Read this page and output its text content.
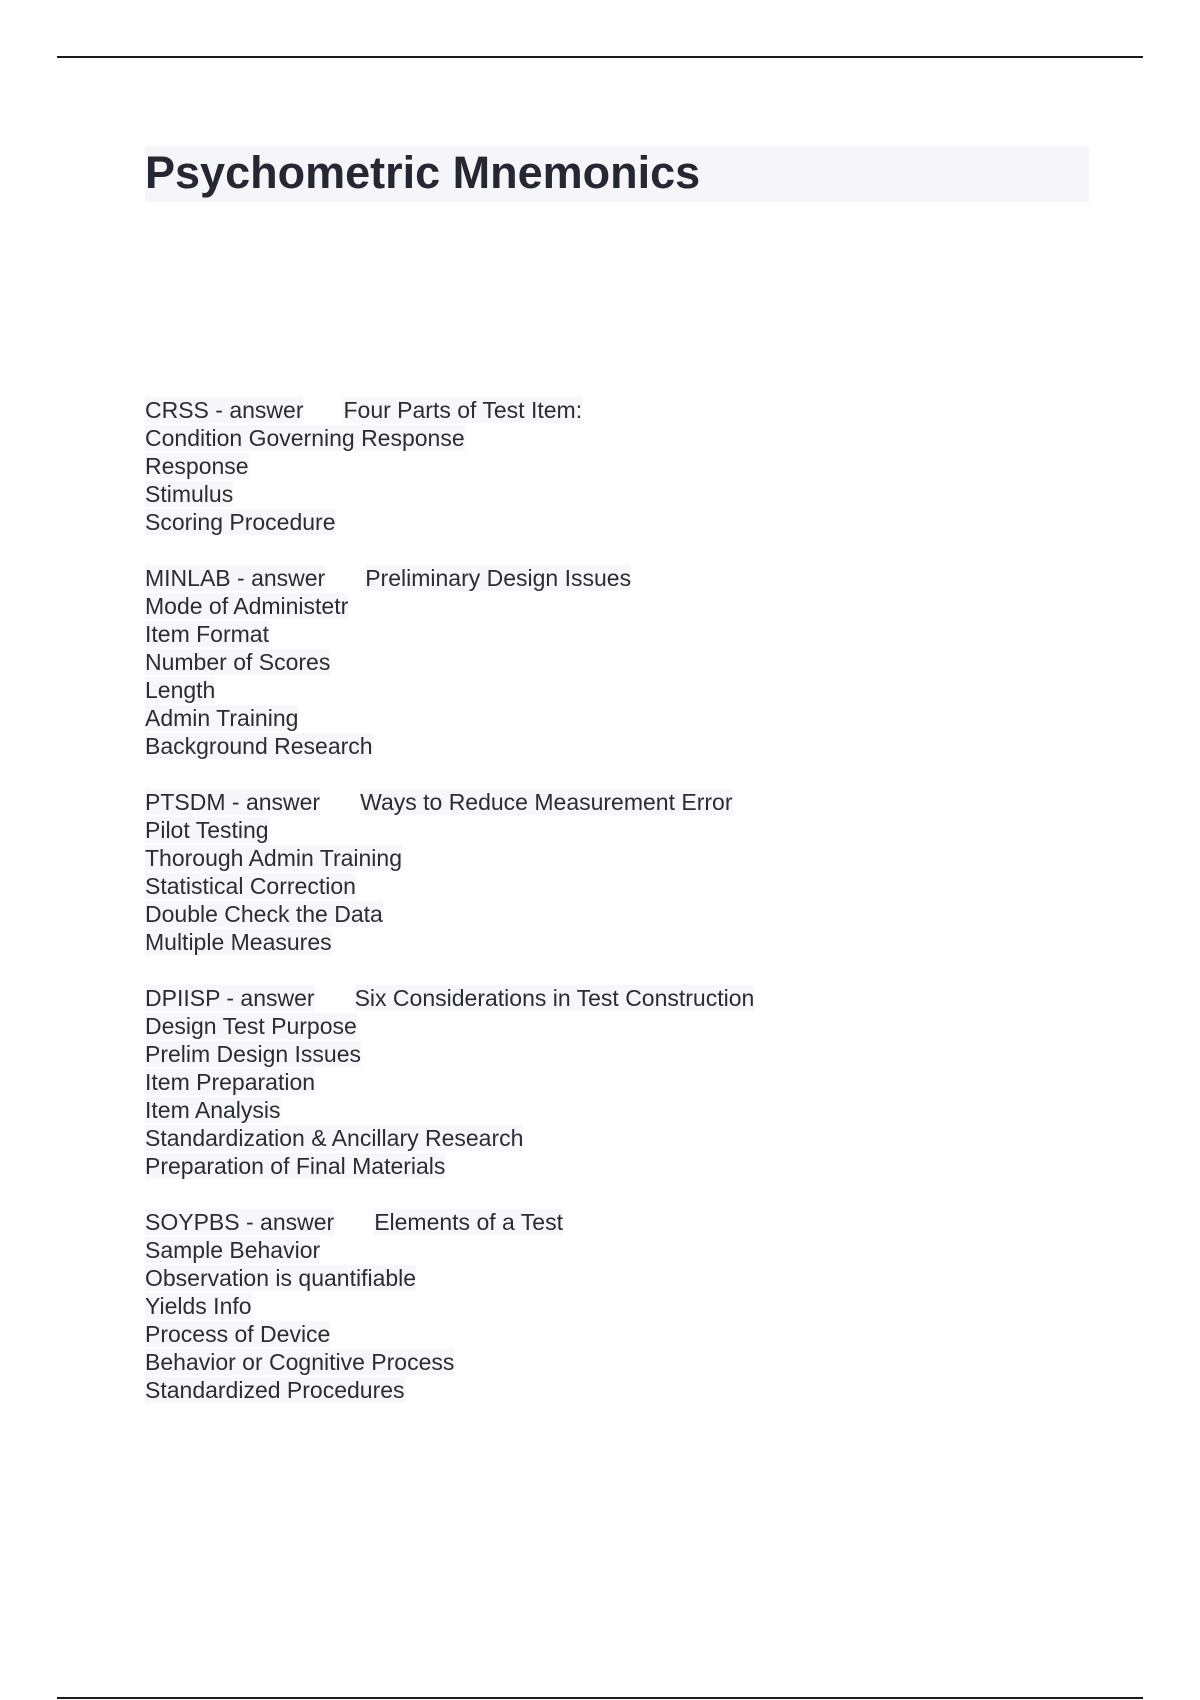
Psychometric Mnemonics
CRSS - answer Four Parts of Test Item:
Condition Governing Response
Response
Stimulus
Scoring Procedure
MINLAB - answer Preliminary Design Issues
Mode of Administetr
Item Format
Number of Scores
Length
Admin Training
Background Research
PTSDM - answer Ways to Reduce Measurement Error
Pilot Testing
Thorough Admin Training
Statistical Correction
Double Check the Data
Multiple Measures
DPIISP - answer Six Considerations in Test Construction
Design Test Purpose
Prelim Design Issues
Item Preparation
Item Analysis
Standardization & Ancillary Research
Preparation of Final Materials
SOYPBS - answer Elements of a Test
Sample Behavior
Observation is quantifiable
Yields Info
Process of Device
Behavior or Cognitive Process
Standardized Procedures
